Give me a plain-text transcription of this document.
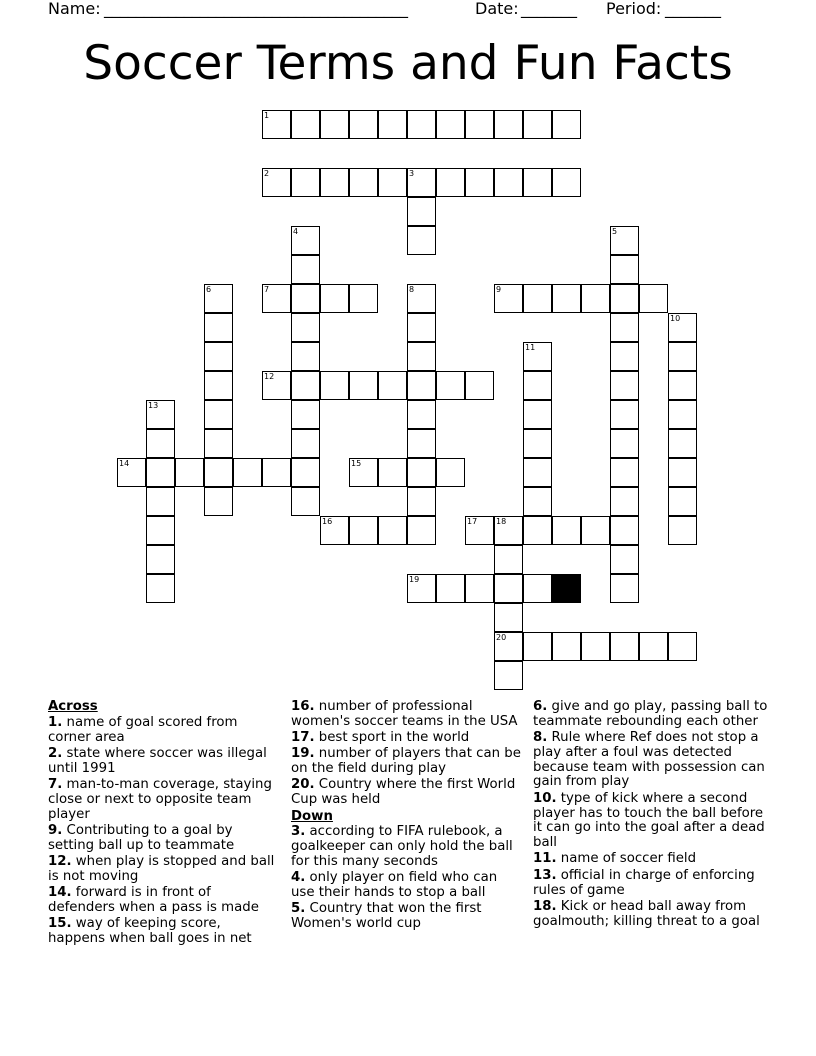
Name: ______________________________________	Date: _______ Period: _______
Soccer Terms and Fun Facts
1
2	3
7	9
12
14	15
16	17 18
19
20
4	5
6	8
10
11
13
Across
1. name of goal scored from corner area
2. state where soccer was illegal until 1991
7. man-to-man coverage, staying close or next to opposite team player
9. Contributing to a goal by setting ball up to teammate
12. when play is stopped and ball is not moving
14. forward is in front of defenders when a pass is made
15. way of keeping score, happens when ball goes in net
16. number of professional women's soccer teams in the USA
17. best sport in the world
19. number of players that can be on the field during play
20. Country where the first World Cup was held
Down
3. according to FIFA rulebook, a goalkeeper can only hold the ball for this many seconds
4. only player on field who can use their hands to stop a ball
5. Country that won the first Women's world cup
6. give and go play, passing ball to teammate rebounding each other
8. Rule where Ref does not stop a play after a foul was detected because team with possession can gain from play
10. type of kick where a second player has to touch the ball before it can go into the goal after a dead ball
11. name of soccer field
13. official in charge of enforcing rules of game
18. Kick or head ball away from goalmouth; killing threat to a goal
